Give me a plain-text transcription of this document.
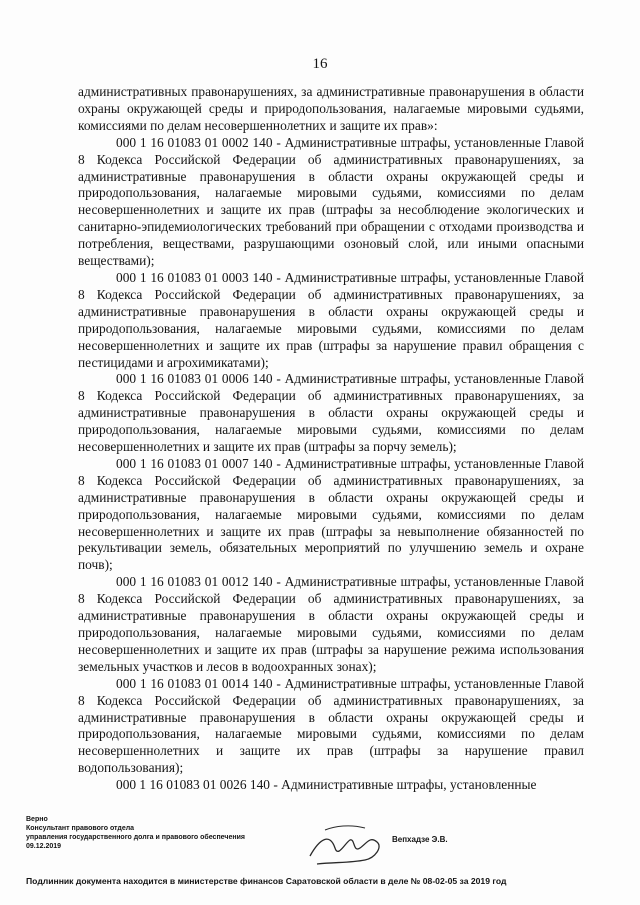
16

административных правонарушениях, за административные правонарушения в области охраны окружающей среды и природопользования, налагаемые мировыми судьями, комиссиями по делам несовершеннолетних и защите их прав»:

000 1 16 01083 01 0002 140 - Административные штрафы, установленные Главой 8 Кодекса Российской Федерации об административных правонарушениях, за административные правонарушения в области охраны окружающей среды и природопользования, налагаемые мировыми судьями, комиссиями по делам несовершеннолетних и защите их прав (штрафы за несоблюдение экологических и санитарно-эпидемиологических требований при обращении с отходами производства и потребления, веществами, разрушающими озоновый слой, или иными опасными веществами);

000 1 16 01083 01 0003 140 - Административные штрафы, установленные Главой 8 Кодекса Российской Федерации об административных правонарушениях, за административные правонарушения в области охраны окружающей среды и природопользования, налагаемые мировыми судьями, комиссиями по делам несовершеннолетних и защите их прав (штрафы за нарушение правил обращения с пестицидами и агрохимикатами);

000 1 16 01083 01 0006 140 - Административные штрафы, установленные Главой 8 Кодекса Российской Федерации об административных правонарушениях, за административные правонарушения в области охраны окружающей среды и природопользования, налагаемые мировыми судьями, комиссиями по делам несовершеннолетних и защите их прав (штрафы за порчу земель);

000 1 16 01083 01 0007 140 - Административные штрафы, установленные Главой 8 Кодекса Российской Федерации об административных правонарушениях, за административные правонарушения в области охраны окружающей среды и природопользования, налагаемые мировыми судьями, комиссиями по делам несовершеннолетних и защите их прав (штрафы за невыполнение обязанностей по рекультивации земель, обязательных мероприятий по улучшению земель и охране почв);

000 1 16 01083 01 0012 140 - Административные штрафы, установленные Главой 8 Кодекса Российской Федерации об административных правонарушениях, за административные правонарушения в области охраны окружающей среды и природопользования, налагаемые мировыми судьями, комиссиями по делам несовершеннолетних и защите их прав (штрафы за нарушение режима использования земельных участков и лесов в водоохранных зонах);

000 1 16 01083 01 0014 140 - Административные штрафы, установленные Главой 8 Кодекса Российской Федерации об административных правонарушениях, за административные правонарушения в области охраны окружающей среды и природопользования, налагаемые мировыми судьями, комиссиями по делам несовершеннолетних и защите их прав (штрафы за нарушение правил водопользования);

000 1 16 01083 01 0026 140 - Административные штрафы, установленные

Верно
Консультант правового отдела
управления государственного долга и правового обеспечения
09.12.2019
Вепхадзе Э.В.
Подлинник документа находится в министерстве финансов Саратовской области в деле № 08-02-05 за 2019 год
